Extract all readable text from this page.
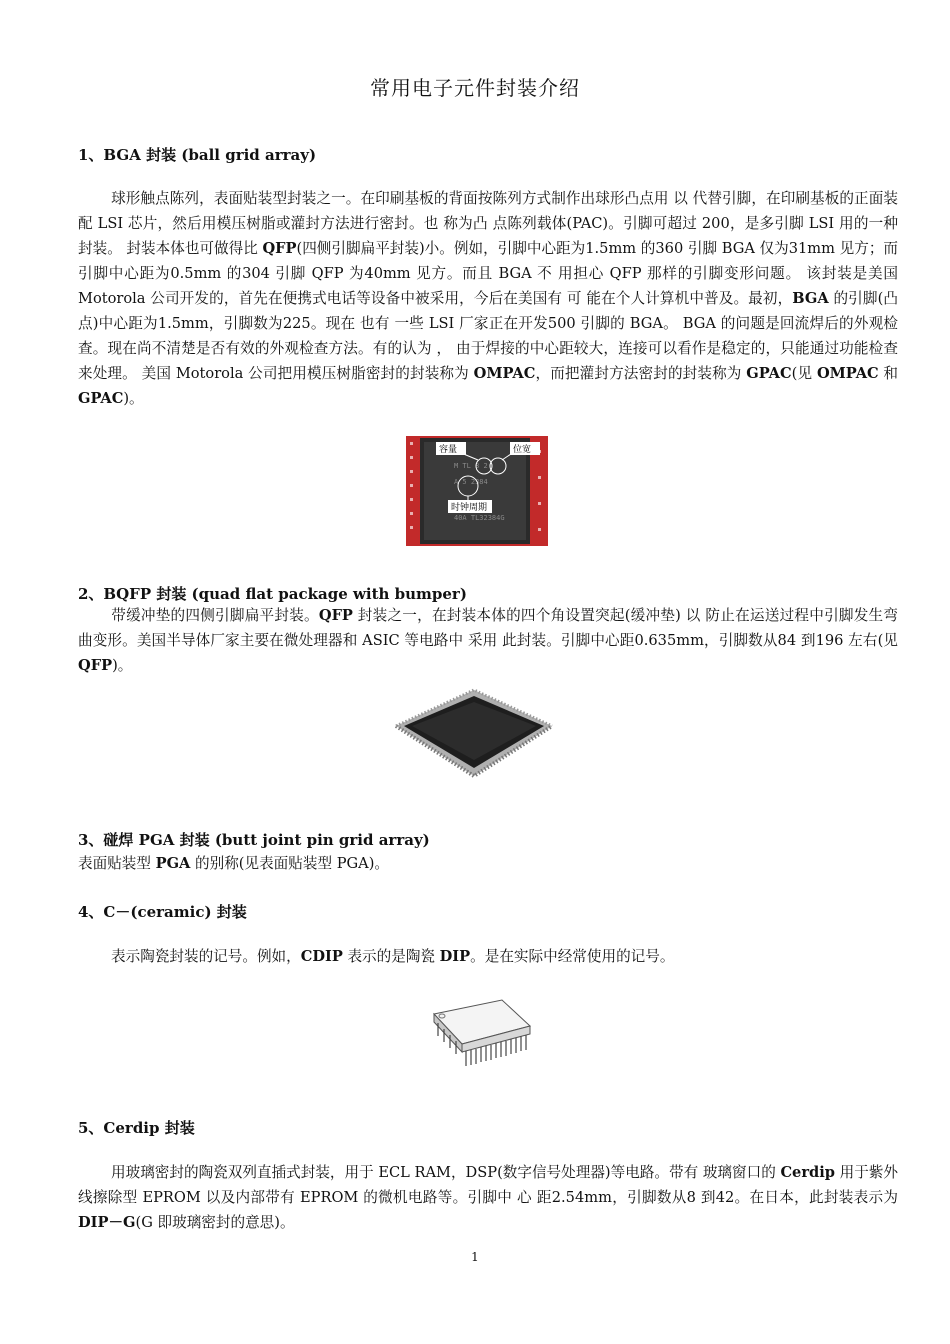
常用电子元件封装介绍
1、BGA 封装 (ball grid array)
球形触点陈列，表面贴装型封装之一。在印刷基板的背面按陈列方式制作出球形凸点用 以 代替引脚，在印刷基板的正面装配 LSI 芯片，然后用模压树脂或灌封方法进行密封。也 称为凸 点陈列载体(PAC)。引脚可超过 200，是多引脚 LSI 用的一种封装。 封装本体也可做得比 QFP(四侧引脚扁平封装)小。例如，引脚中心距为1.5mm 的360 引脚 BGA 仅为31mm 见方；而引脚中心距为0.5mm 的304 引脚 QFP 为40mm 见方。而且 BGA 不 用担心 QFP 那样的引脚变形问题。 该封装是美国 Motorola 公司开发的，首先在便携式电话等设备中被采用，今后在美国有 可 能在个人计算机中普及。最初，BGA 的引脚(凸点)中心距为1.5mm，引脚数为225。现在 也有 一些 LSI 厂家正在开发500 引脚的 BGA。 BGA 的问题是回流焊后的外观检查。现在尚不清楚是否有效的外观检查方法。有的认为 ， 由于焊接的中心距较大，连接可以看作是稳定的，只能通过功能检查来处理。 美国 Motorola 公司把用模压树脂密封的封装称为 OMPAC，而把灌封方法密封的封装称为 GPAC(见 OMPAC 和 GPAC)。
M TL 3 2
A 5 2384
40A TL32384G
容量	位宽
时钟周期
2、BQFP 封装 (quad flat package with bumper)
带缓冲垫的四侧引脚扁平封装。QFP 封装之一，在封装本体的四个角设置突起(缓冲垫) 以 防止在运送过程中引脚发生弯曲变形。美国半导体厂家主要在微处理器和 ASIC 等电路中 采用 此封装。引脚中心距0.635mm，引脚数从84 到196 左右(见 QFP)。
3、碰焊 PGA 封装 (butt joint pin grid array)
表面贴装型 PGA 的别称(见表面贴装型 PGA)。
4、C－(ceramic) 封装
表示陶瓷封装的记号。例如，CDIP 表示的是陶瓷 DIP。是在实际中经常使用的记号。
5、Cerdip 封装
用玻璃密封的陶瓷双列直插式封装，用于 ECL RAM，DSP(数字信号处理器)等电路。带有 玻璃窗口的 Cerdip 用于紫外线擦除型 EPROM 以及内部带有 EPROM 的微机电路等。引脚中 心 距2.54mm，引脚数从8 到42。在日本，此封装表示为 DIP－G(G 即玻璃密封的意思)。
1
